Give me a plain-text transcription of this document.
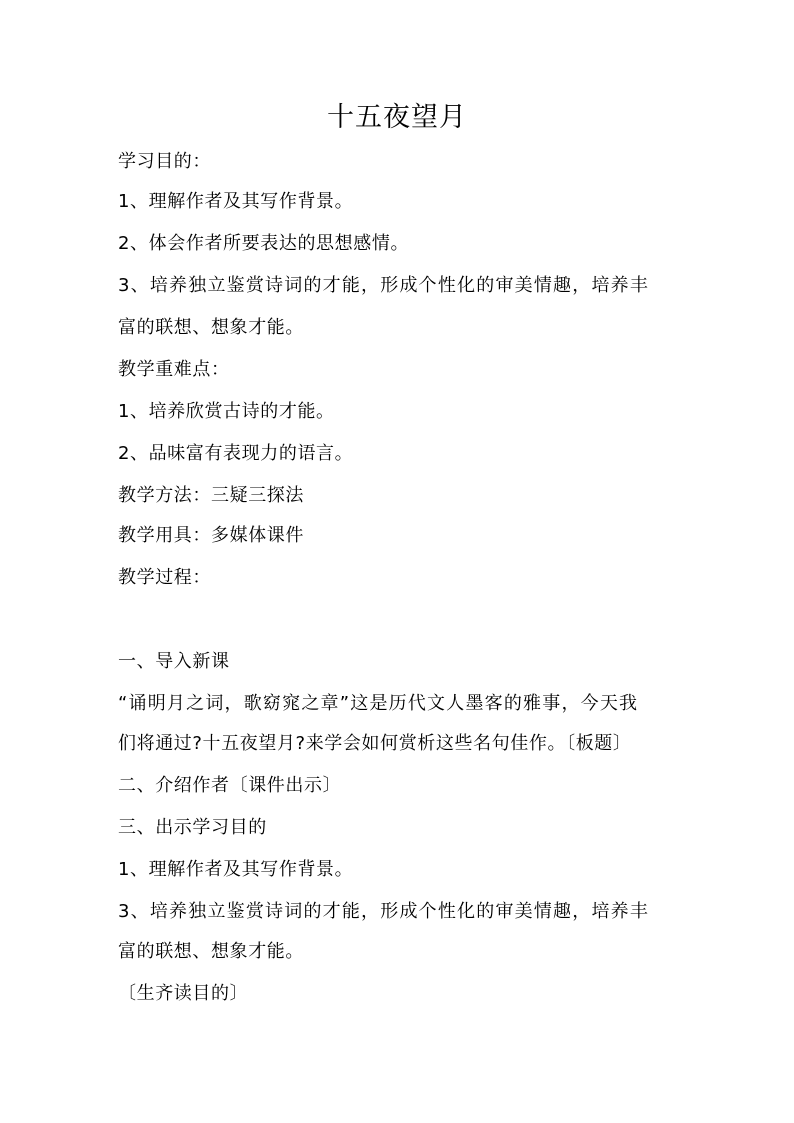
十五夜望月
学习目的：
1、理解作者及其写作背景。
2、体会作者所要表达的思想感情。
3、培养独立鉴赏诗词的才能，形成个性化的审美情趣，培养丰
富的联想、想象才能。
教学重难点：
1、培养欣赏古诗的才能。
2、品味富有表现力的语言。
教学方法：三疑三探法
教学用具：多媒体课件
教学过程：
一、导入新课
“诵明月之词，歌窈窕之章”这是历代文人墨客的雅事，今天我
们将通过?十五夜望月?来学会如何赏析这些名句佳作。〔板题〕
二、介绍作者〔课件出示〕
三、出示学习目的
1、理解作者及其写作背景。
3、培养独立鉴赏诗词的才能，形成个性化的审美情趣，培养丰
富的联想、想象才能。
〔生齐读目的〕
